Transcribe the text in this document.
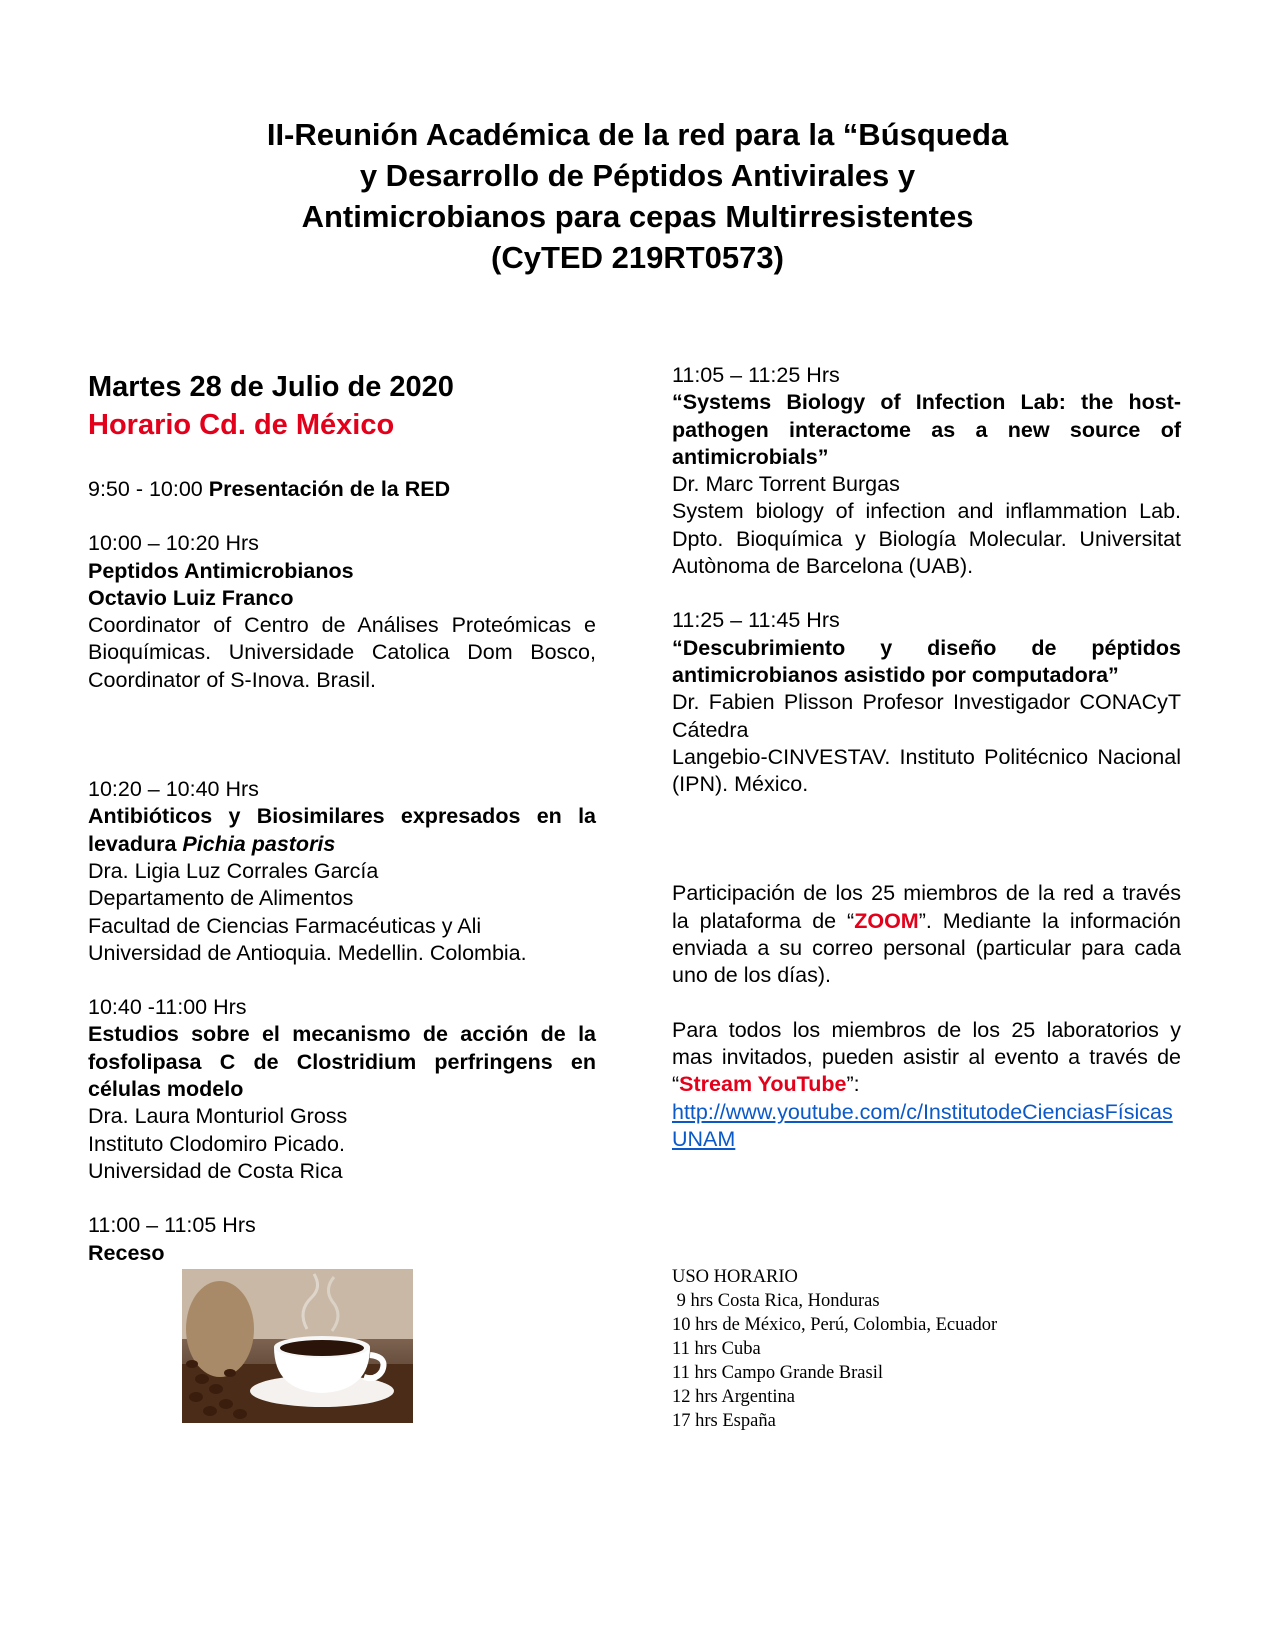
II-Reunión Académica de la red para la “Búsqueda
y Desarrollo de Péptidos Antivirales y
Antimicrobianos para cepas Multirresistentes
(CyTED 219RT0573)
Martes 28 de Julio de 2020
Horario Cd. de México
9:50 - 10:00 Presentación de la RED
10:00 – 10:20 Hrs
Peptidos Antimicrobianos
Octavio Luiz Franco
Coordinator of Centro de Análises Proteómicas e Bioquímicas. Universidade Catolica Dom Bosco, Coordinator of S-Inova. Brasil.
10:20 – 10:40 Hrs
Antibióticos y Biosimilares expresados en la levadura Pichia pastoris
Dra. Ligia Luz Corrales García
Departamento de Alimentos
Facultad de Ciencias Farmacéuticas y Ali
Universidad de Antioquia. Medellin. Colombia.
10:40 -11:00 Hrs
Estudios sobre el mecanismo de acción de la fosfolipasa C de Clostridium perfringens en células modelo
Dra. Laura Monturiol Gross
Instituto Clodomiro Picado.
Universidad de Costa Rica
11:00 – 11:05 Hrs
Receso
11:05 – 11:25 Hrs
“Systems Biology of Infection Lab: the host-pathogen interactome as a new source of antimicrobials”
Dr. Marc Torrent Burgas
System biology of infection and inflammation Lab. Dpto. Bioquímica y Biología Molecular. Universitat Autònoma de Barcelona (UAB).
11:25 – 11:45 Hrs
“Descubrimiento y diseño de péptidos antimicrobianos asistido por computadora”
Dr. Fabien Plisson Profesor Investigador CONACyT Cátedra
Langebio-CINVESTAV. Instituto Politécnico Nacional (IPN). México.
Participación de los 25 miembros de la red a través la plataforma de “ZOOM”. Mediante la información enviada a su correo personal (particular para cada uno de los días).
Para todos los miembros de los 25 laboratorios y mas invitados, pueden asistir al evento a través de “Stream YouTube”:
http://www.youtube.com/c/InstitutodeCienciasFísicasUNAM
USO HORARIO
9 hrs Costa Rica, Honduras
10 hrs de México, Perú, Colombia, Ecuador
11 hrs Cuba
11 hrs Campo Grande Brasil
12 hrs Argentina
17 hrs España
